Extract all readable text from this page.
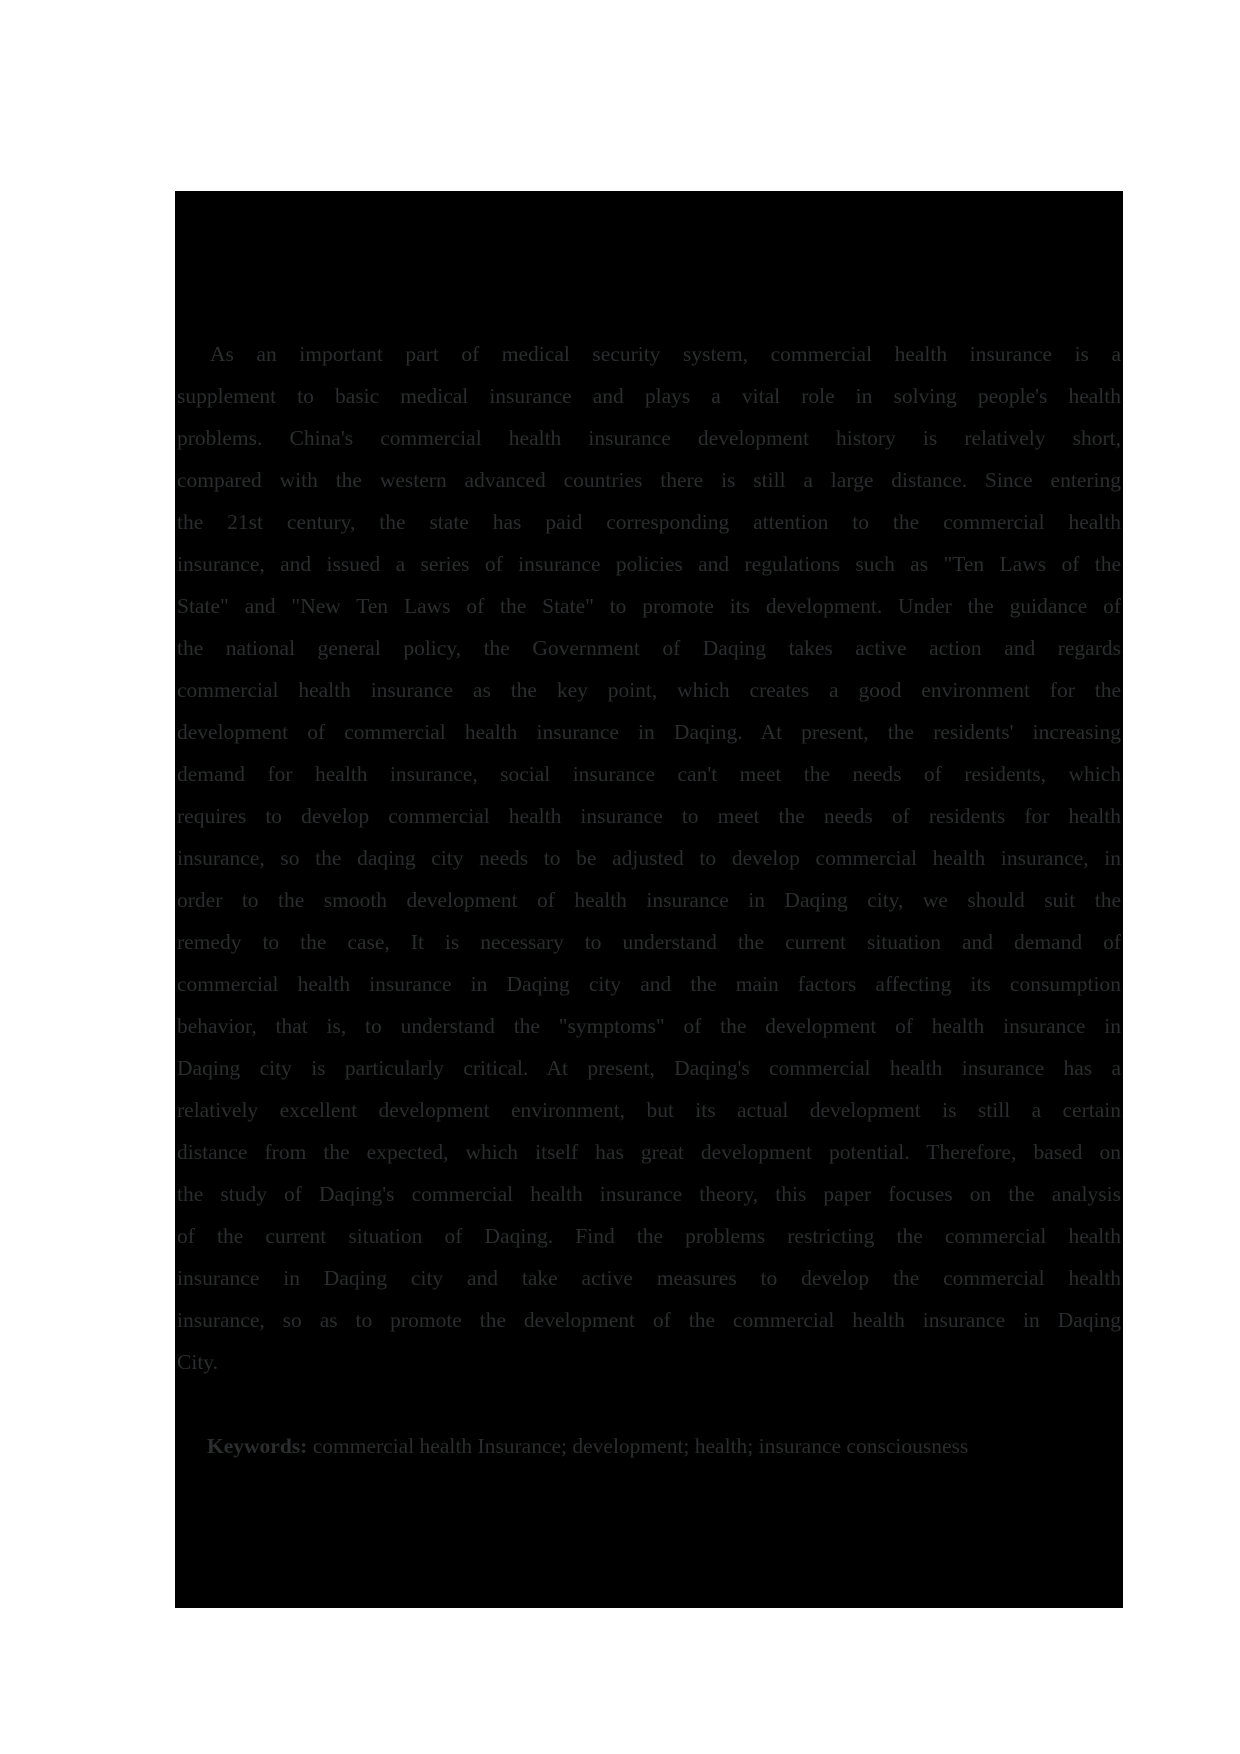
As an important part of medical security system, commercial health insurance is a
supplement to basic medical insurance and plays a vital role in solving people's health
problems. China's commercial health insurance development history is relatively short,
compared with the western advanced countries there is still a large distance. Since entering
the 21st century, the state has paid corresponding attention to the commercial health
insurance, and issued a series of insurance policies and regulations such as "Ten Laws of the
State" and "New Ten Laws of the State" to promote its development. Under the guidance of
the national general policy, the Government of Daqing takes active action and regards
commercial health insurance as the key point, which creates a good environment for the
development of commercial health insurance in Daqing. At present, the residents' increasing
demand for health insurance, social insurance can't meet the needs of residents, which
requires to develop commercial health insurance to meet the needs of residents for health
insurance, so the daqing city needs to be adjusted to develop commercial health insurance, in
order to the smooth development of health insurance in Daqing city, we should suit the
remedy to the case, It is necessary to understand the current situation and demand of
commercial health insurance in Daqing city and the main factors affecting its consumption
behavior, that is, to understand the "symptoms" of the development of health insurance in
Daqing city is particularly critical. At present, Daqing's commercial health insurance has a
relatively excellent development environment, but its actual development is still a certain
distance from the expected, which itself has great development potential. Therefore, based on
the study of Daqing's commercial health insurance theory, this paper focuses on the analysis
of the current situation of Daqing. Find the problems restricting the commercial health
insurance in Daqing city and take active measures to develop the commercial health
insurance, so as to promote the development of the commercial health insurance in Daqing
City.
Keywords: commercial health Insurance; development; health; insurance consciousness
